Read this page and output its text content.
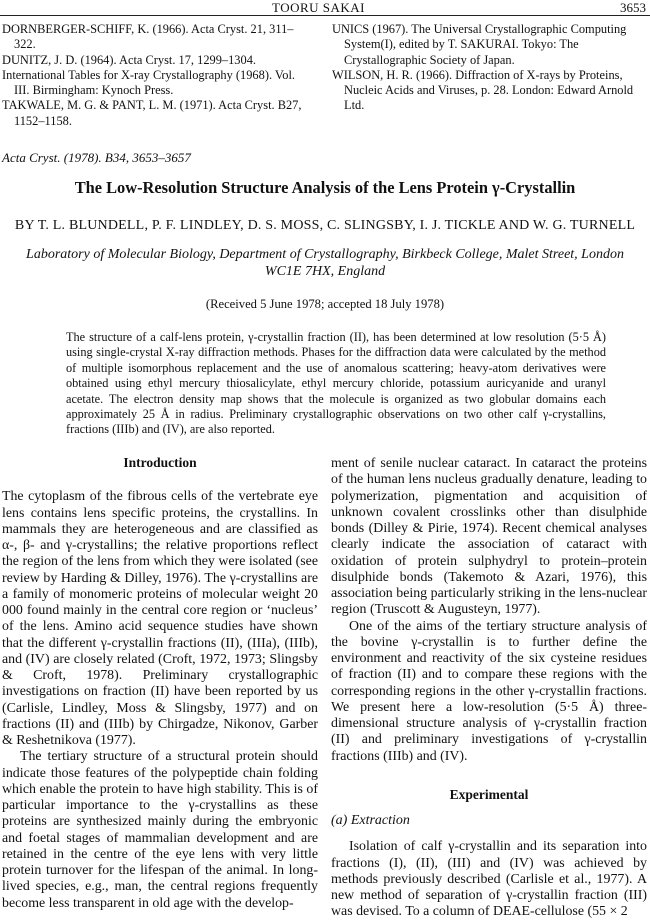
TOORU SAKAI	3653
DORNBERGER-SCHIFF, K. (1966). Acta Cryst. 21, 311–322.
DUNITZ, J. D. (1964). Acta Cryst. 17, 1299–1304.
International Tables for X-ray Crystallography (1968). Vol. III. Birmingham: Kynoch Press.
TAKWALE, M. G. & PANT, L. M. (1971). Acta Cryst. B27, 1152–1158.
UNICS (1967). The Universal Crystallographic Computing System(I), edited by T. SAKURAI. Tokyo: The Crystallographic Society of Japan.
WILSON, H. R. (1966). Diffraction of X-rays by Proteins, Nucleic Acids and Viruses, p. 28. London: Edward Arnold Ltd.
Acta Cryst. (1978). B34, 3653–3657
The Low-Resolution Structure Analysis of the Lens Protein γ-Crystallin
BY T. L. BLUNDELL, P. F. LINDLEY, D. S. MOSS, C. SLINGSBY, I. J. TICKLE AND W. G. TURNELL
Laboratory of Molecular Biology, Department of Crystallography, Birkbeck College, Malet Street, London WC1E 7HX, England
(Received 5 June 1978; accepted 18 July 1978)
The structure of a calf-lens protein, γ-crystallin fraction (II), has been determined at low resolution (5·5 Å) using single-crystal X-ray diffraction methods. Phases for the diffraction data were calculated by the method of multiple isomorphous replacement and the use of anomalous scattering; heavy-atom derivatives were obtained using ethyl mercury thiosalicylate, ethyl mercury chloride, potassium auricyanide and uranyl acetate. The electron density map shows that the molecule is organized as two globular domains each approximately 25 Å in radius. Preliminary crystallographic observations on two other calf γ-crystallins, fractions (IIIb) and (IV), are also reported.
Introduction

The cytoplasm of the fibrous cells of the vertebrate eye lens contains lens specific proteins, the crystallins. In mammals they are heterogeneous and are classified as α-, β- and γ-crystallins; the relative proportions reflect the region of the lens from which they were isolated (see review by Harding & Dilley, 1976). The γ-crystallins are a family of monomeric proteins of molecular weight 20 000 found mainly in the central core region or ‘nucleus’ of the lens. Amino acid sequence studies have shown that the different γ-crystallin fractions (II), (IIIa), (IIIb), and (IV) are closely related (Croft, 1972, 1973; Slingsby & Croft, 1978). Preliminary crystallographic investigations on fraction (II) have been reported by us (Carlisle, Lindley, Moss & Slingsby, 1977) and on fractions (II) and (IIIb) by Chirgadze, Nikonov, Garber & Reshetnikova (1977).

The tertiary structure of a structural protein should indicate those features of the polypeptide chain folding which enable the protein to have high stability. This is of particular importance to the γ-crystallins as these proteins are synthesized mainly during the embryonic and foetal stages of mammalian development and are retained in the centre of the eye lens with very little protein turnover for the lifespan of the animal. In long-lived species, e.g., man, the central regions frequently become less transparent in old age with the develop-

ment of senile nuclear cataract. In cataract the proteins of the human lens nucleus gradually denature, leading to polymerization, pigmentation and acquisition of unknown covalent crosslinks other than disulphide bonds (Dilley & Pirie, 1974). Recent chemical analyses clearly indicate the association of cataract with oxidation of protein sulphydryl to protein–protein disulphide bonds (Takemoto & Azari, 1976), this association being particularly striking in the lens-nuclear region (Truscott & Augusteyn, 1977).

One of the aims of the tertiary structure analysis of the bovine γ-crystallin is to further define the environment and reactivity of the six cysteine residues of fraction (II) and to compare these regions with the corresponding regions in the other γ-crystallin fractions. We present here a low-resolution (5·5 Å) three-dimensional structure analysis of γ-crystallin fraction (II) and preliminary investigations of γ-crystallin fractions (IIIb) and (IV).

Experimental
(a) Extraction

Isolation of calf γ-crystallin and its separation into fractions (I), (II), (III) and (IV) was achieved by methods previously described (Carlisle et al., 1977). A new method of separation of γ-crystallin fraction (III) was devised. To a column of DEAE-cellulose (55 × 2
